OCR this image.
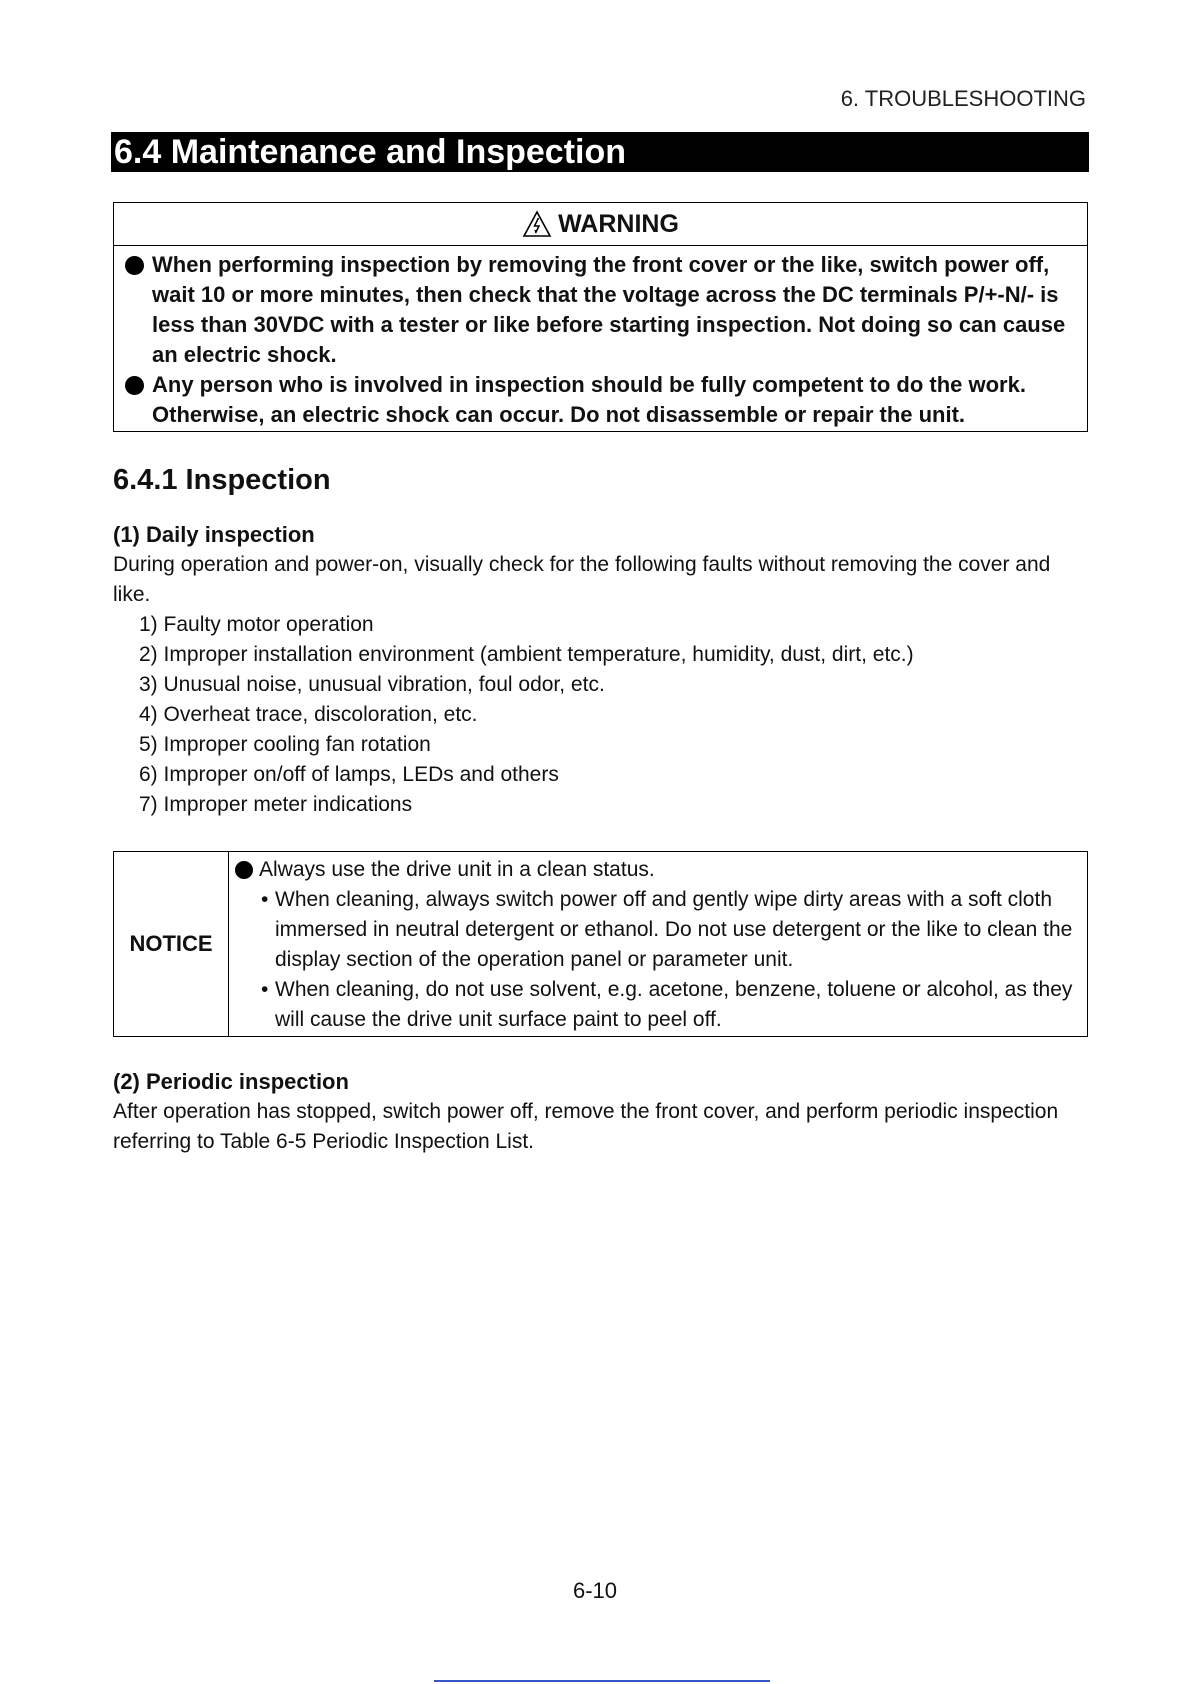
6. TROUBLESHOOTING
6.4 Maintenance and Inspection
WARNING
When performing inspection by removing the front cover or the like, switch power off, wait 10 or more minutes, then check that the voltage across the DC terminals P/+-N/- is less than 30VDC with a tester or like before starting inspection. Not doing so can cause an electric shock.
Any person who is involved in inspection should be fully competent to do the work. Otherwise, an electric shock can occur. Do not disassemble or repair the unit.
6.4.1 Inspection
(1) Daily inspection
During operation and power-on, visually check for the following faults without removing the cover and like.
1) Faulty motor operation
2) Improper installation environment (ambient temperature, humidity, dust, dirt, etc.)
3) Unusual noise, unusual vibration, foul odor, etc.
4) Overheat trace, discoloration, etc.
5) Improper cooling fan rotation
6) Improper on/off of lamps, LEDs and others
7) Improper meter indications
NOTICE
Always use the drive unit in a clean status.
• When cleaning, always switch power off and gently wipe dirty areas with a soft cloth immersed in neutral detergent or ethanol. Do not use detergent or the like to clean the display section of the operation panel or parameter unit.
• When cleaning, do not use solvent, e.g. acetone, benzene, toluene or alcohol, as they will cause the drive unit surface paint to peel off.
(2) Periodic inspection
After operation has stopped, switch power off, remove the front cover, and perform periodic inspection referring to Table 6-5 Periodic Inspection List.
6-10
